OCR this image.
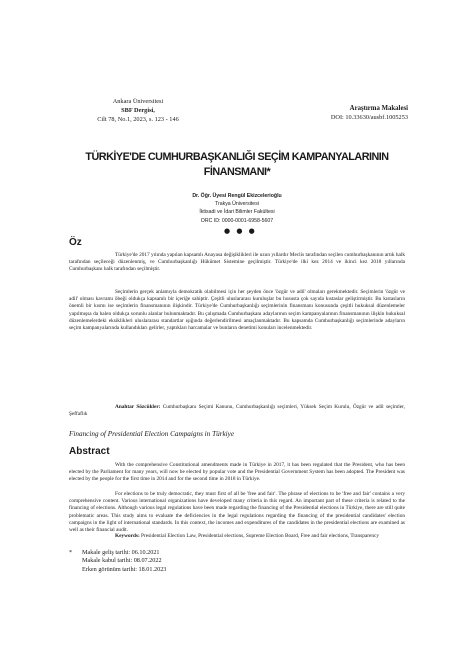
Ankara Üniversitesi
SBF Dergisi,
Cilt 78, No.1, 2023, s. 123 - 146
Araştırma Makalesi
DOI: 10.33630/ausbf.1005253
TÜRKİYE'DE CUMHURBAŞKANLIĞI SEÇİM KAMPANYALARININ
FİNANSMANI*
Dr. Öğr. Üyesi Rengül Ekizcelerioğlu
Trakya Üniversitesi
İktisadi ve İdari Bilimler Fakültesi
ORC ID: 0000-0001-6958-5607
● ● ●
Öz

Türkiye'de 2017 yılında yapılan kapsamlı Anayasa değişiklikleri ile uzun yıllardır Meclis tarafından seçilen cumhurbaşkanının artık halk tarafından seçileceği düzenlenmiş, ve Cumhurbaşkanlığı Hükümet Sistemine geçilmiştir. Türkiye'de ilki kez 2014 ve ikinci kez 2018 yıllarında Cumhurbaşkanı halk tarafından seçilmiştir.

Seçimlerin gerçek anlamıyla demokratik olabilmesi için her şeyden önce 'özgür ve adil' olmaları gerekmektedir. Seçimlerin 'özgür ve adil' olması kavramı öbeği oldukça kapsamlı bir içeriğe sahiptir. Çeşitli uluslararası kuruluşlar bu hususta çok sayıda kıstaslar geliştirmiştir. Bu kıstasların önemli bir kısmı ise seçimlerin finansmanının ilişkindir. Türkiye'de Cumhurbaşkanlığı seçimlerinin finansmanı konusunda çeşitli hukuksal düzenlemeler yapılmışsa da halen oldukça sorunlu alanlar bulunmaktadır. Bu çalışmada Cumhurbaşkanı adaylarının seçim kampanyalarının finansmanının ilişkin hukuksal düzenlemelerdeki eksiklikleri uluslararası standartlar ışığında değerlendirilmesi amaçlanmaktadır. Bu kapsamda Cumhurbaşkanlığı seçimlerinde adayların seçim kampanyalarında kullandıkları gelirler, yaptıkları harcamalar ve bunların denetimi konuları incelenmektedir.

Anahtar Sözcükler: Cumhurbaşkanı Seçimi Kanunu, Cumhurbaşkanlığı seçimleri, Yüksek Seçim Kurulu, Özgür ve adil seçimler, Şeffaflık

Financing of Presidential Election Campaigns in Türkiye
Abstract

With the comprehensive Constitutional amendments made in Türkiye in 2017, it has been regulated that the President, who has been elected by the Parliament for many years, will now be elected by popular vote and the Presidential Government System has been adopted. The President was elected by the people for the first time in 2014 and for the second time in 2018 in Türkiye.

For elections to be truly democratic, they must first of all be 'free and fair'. The phrase of elections to be 'free and fair' contains a very comprehensive content. Various international organizations have developed many criteria in this regard. An important part of these criteria is related to the financing of elections. Although various legal regulations have been made regarding the financing of the Presidential elections in Türkiye, there are still quite problematic areas. This study aims to evaluate the deficiencies in the legal regulations regarding the financing of the presidential candidates' election campaigns in the light of international standards. In this context, the incomes and expenditures of the candidates in the presidential elections are examined as well as their financial audit.

Keywords: Presidential Election Law, Presidential elections, Supreme Election Board, Free and fair elections, Transparency

*	Makale geliş tarihi: 06.10.2021
Makale kabul tarihi: 08.07.2022
Erken görünüm tarihi: 18.01.2023
